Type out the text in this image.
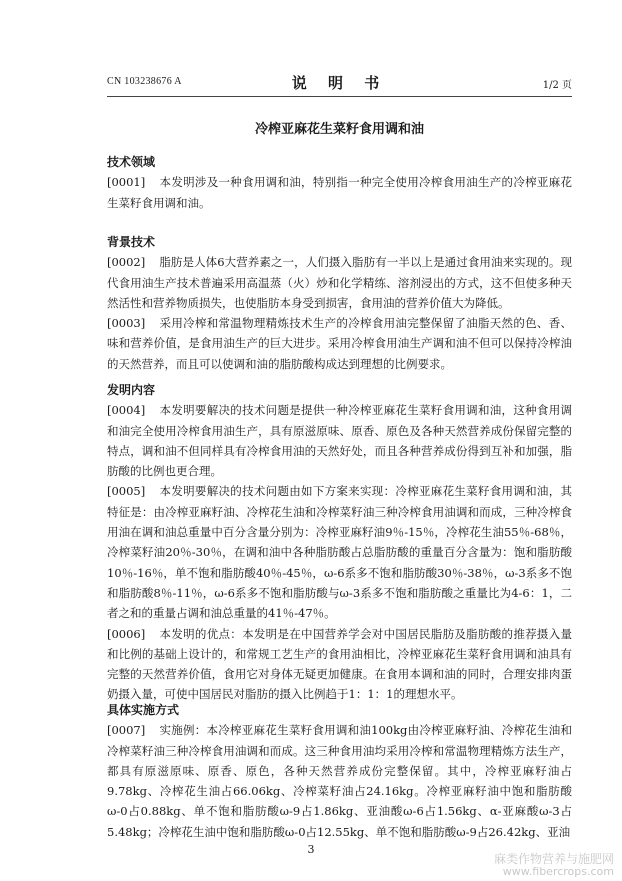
CN 103238676 A	说 明 书	1/2 页
冷榨亚麻花生菜籽食用调和油
技术领域
[0001] 本发明涉及一种食用调和油，特别指一种完全使用冷榨食用油生产的冷榨亚麻花生菜籽食用调和油。
背景技术
[0002] 脂肪是人体6大营养素之一，人们摄入脂肪有一半以上是通过食用油来实现的。现代食用油生产技术普遍采用高温蒸（火）炒和化学精练、溶剂浸出的方式，这不但使多种天然活性和营养物质损失，也使脂肪本身受到损害，食用油的营养价值大为降低。
[0003] 采用冷榨和常温物理精炼技术生产的冷榨食用油完整保留了油脂天然的色、香、味和营养价值，是食用油生产的巨大进步。采用冷榨食用油生产调和油不但可以保持冷榨油的天然营养，而且可以使调和油的脂肪酸构成达到理想的比例要求。
发明内容
[0004] 本发明要解决的技术问题是提供一种冷榨亚麻花生菜籽食用调和油，这种食用调和油完全使用冷榨食用油生产，具有原滋原味、原香、原色及各种天然营养成份保留完整的特点，调和油不但同样具有冷榨食用油的天然好处，而且各种营养成份得到互补和加强，脂肪酸的比例也更合理。
[0005] 本发明要解决的技术问题由如下方案来实现：冷榨亚麻花生菜籽食用调和油，其特征是：由冷榨亚麻籽油、冷榨花生油和冷榨菜籽油三种冷榨食用油调和而成，三种冷榨食用油在调和油总重量中百分含量分别为：冷榨亚麻籽油9％-15％，冷榨花生油55％-68％，冷榨菜籽油20％-30％，在调和油中各种脂肪酸占总脂肪酸的重量百分含量为：饱和脂肪酸10％-16％，单不饱和脂肪酸40％-45％，ω-6系多不饱和脂肪酸30％-38％，ω-3系多不饱和脂肪酸8％-11％，ω-6系多不饱和脂肪酸与ω-3系多不饱和脂肪酸之重量比为4-6：1，二者之和的重量占调和油总重量的41％-47％。
[0006] 本发明的优点：本发明是在中国营养学会对中国居民脂肪及脂肪酸的推荐摄入量和比例的基础上设计的，和常规工艺生产的食用油相比，冷榨亚麻花生菜籽食用调和油具有完整的天然营养价值，食用它对身体无疑更加健康。在食用本调和油的同时，合理安排肉蛋奶摄入量，可使中国居民对脂肪的摄入比例趋于1：1：1的理想水平。
具体实施方式
[0007] 实施例：本冷榨亚麻花生菜籽食用调和油100kg由冷榨亚麻籽油、冷榨花生油和冷榨菜籽油三种冷榨食用油调和而成。这三种食用油均采用冷榨和常温物理精炼方法生产，都具有原滋原味、原香、原色，各种天然营养成份完整保留。其中，冷榨亚麻籽油占9.78kg、冷榨花生油占66.06kg、冷榨菜籽油占24.16kg。冷榨亚麻籽油中饱和脂肪酸ω-0占0.88kg、单不饱和脂肪酸ω-9占1.86kg、亚油酸ω-6占1.56kg、α-亚麻酸ω-3占5.48kg；冷榨花生油中饱和脂肪酸ω-0占12.55kg、单不饱和脂肪酸ω-9占26.42kg、亚油
3
麻类作物营养与施肥网
www.fibercrops.com
